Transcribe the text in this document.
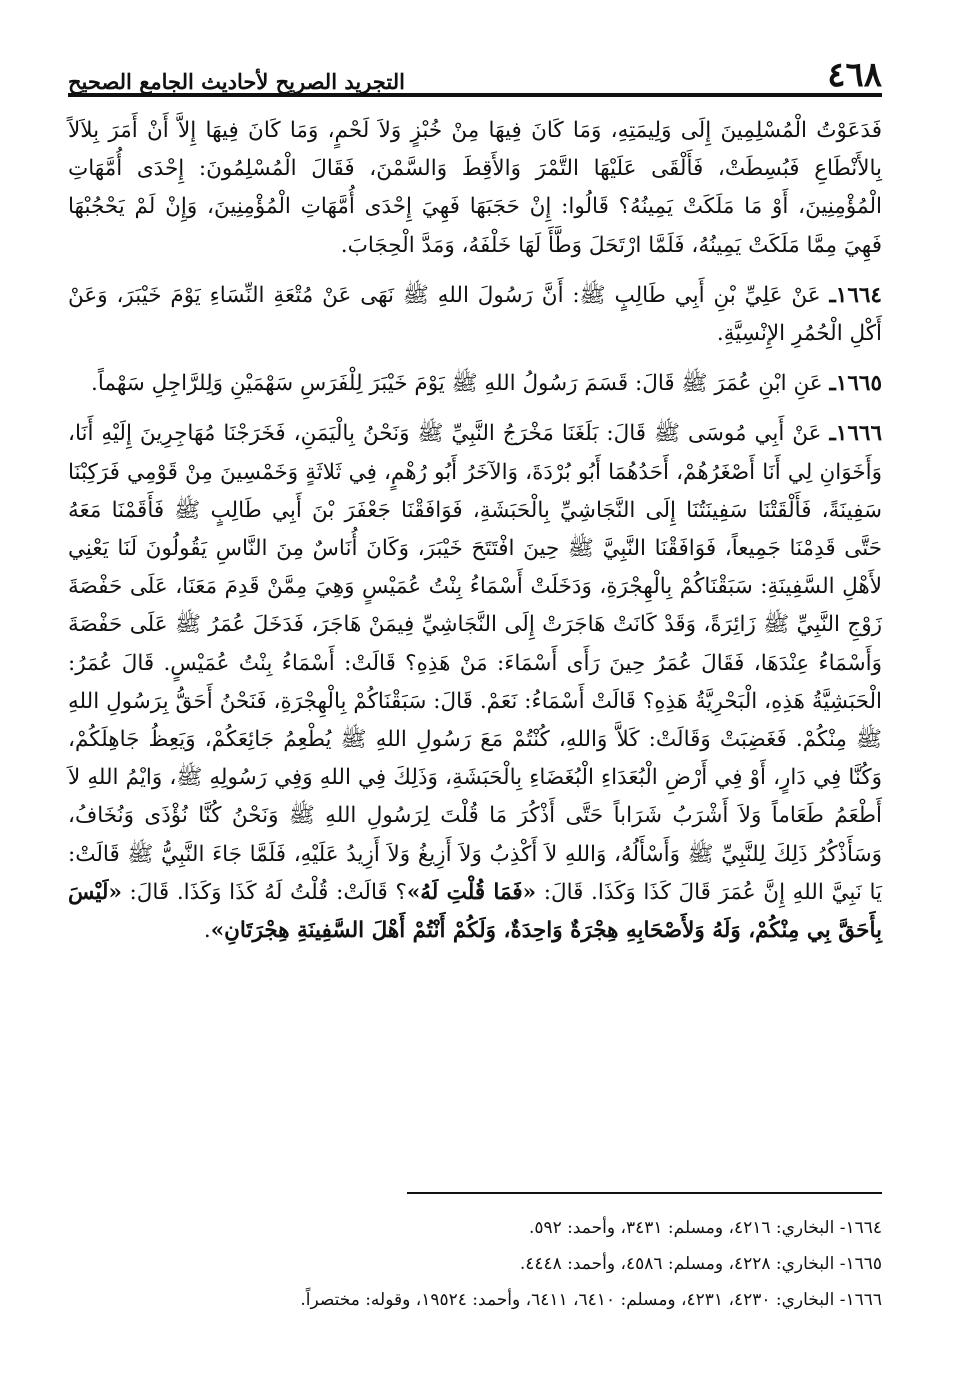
٤٦٨
التجريد الصريح لأحاديث الجامع الصحيح

فَدَعَوْتُ الْمُسْلِمِينَ إِلَى وَلِيمَتِهِ، وَمَا كَانَ فِيهَا مِنْ خُبْزٍ وَلاَ لَحْمٍ، وَمَا كَانَ فِيهَا إِلاَّ أَنْ أَمَرَ بِلاَلاً بِالأَنْطَاعِ فَبُسِطَتْ، فَأَلْقَى عَلَيْهَا التَّمْرَ وَالأَقِطَ وَالسَّمْنَ، فَقَالَ الْمُسْلِمُونَ: إِحْدَى أُمَّهَاتِ الْمُؤْمِنِينَ، أَوْ مَا مَلَكَتْ يَمِينُهُ؟ قَالُوا: إِنْ حَجَبَهَا فَهِيَ إِحْدَى أُمَّهَاتِ الْمُؤْمِنِينَ، وَإِنْ لَمْ يَحْجُبْهَا فَهِيَ مِمَّا مَلَكَتْ يَمِينُهُ، فَلَمَّا ارْتَحَلَ وَطَّأَ لَهَا خَلْفَهُ، وَمَدَّ الْحِجَابَ.

١٦٦٤ـ عَنْ عَلِيِّ بْنِ أَبِي طَالِبٍ ﷺ: أَنَّ رَسُولَ اللهِ ﷺ نَهَى عَنْ مُتْعَةِ النِّسَاءِ يَوْمَ خَيْبَرَ، وَعَنْ أَكْلِ الْحُمُرِ الإِنْسِيَّةِ.

١٦٦٥ـ عَنِ ابْنِ عُمَرَ ﷺ قَالَ: قَسَمَ رَسُولُ اللهِ ﷺ يَوْمَ خَيْبَرَ لِلْفَرَسِ سَهْمَيْنِ وَلِلرَّاجِلِ سَهْماً.

١٦٦٦ـ عَنْ أَبِي مُوسَى ﷺ قَالَ: بَلَغَنَا مَخْرَجُ النَّبِيِّ ﷺ وَنَحْنُ بِالْيَمَنِ، فَخَرَجْنَا مُهَاجِرِينَ إِلَيْهِ أَنَا، وَأَخَوَانِ لِي أَنَا أَصْغَرُهُمْ، أَحَدُهُمَا أَبُو بُرْدَةَ، وَالآخَرُ أَبُو رُهْمٍ، فِي ثَلاثَةٍ وَخَمْسِينَ مِنْ قَوْمِي فَرَكِبْنَا سَفِينَةً، فَأَلْقَتْنَا سَفِينَتُنَا إِلَى النَّجَاشِيِّ بِالْحَبَشَةِ، فَوَافَقْنَا جَعْفَرَ بْنَ أَبِي طَالِبٍ ﷺ فَأَقَمْنَا مَعَهُ حَتَّى قَدِمْنَا جَمِيعاً، فَوَافَقْنَا النَّبِيَّ ﷺ حِينَ افْتَتَحَ خَيْبَرَ، وَكَانَ أُنَاسٌ مِنَ النَّاسِ يَقُولُونَ لَنَا يَعْنِي لأَهْلِ السَّفِينَةِ: سَبَقْنَاكُمْ بِالْهِجْرَةِ، وَدَخَلَتْ أَسْمَاءُ بِنْتُ عُمَيْسٍ وَهِيَ مِمَّنْ قَدِمَ مَعَنَا، عَلَى حَفْصَةَ زَوْجِ النَّبِيِّ ﷺ زَائِرَةً، وَقَدْ كَانَتْ هَاجَرَتْ إِلَى النَّجَاشِيِّ فِيمَنْ هَاجَرَ، فَدَخَلَ عُمَرُ ﷺ عَلَى حَفْصَةَ وَأَسْمَاءُ عِنْدَهَا، فَقَالَ عُمَرُ حِينَ رَأَى أَسْمَاءَ: مَنْ هَذِهِ؟ قَالَتْ: أَسْمَاءُ بِنْتُ عُمَيْسٍ. قَالَ عُمَرُ: الْحَبَشِيَّةُ هَذِهِ، الْبَحْرِيَّةُ هَذِهِ؟ قَالَتْ أَسْمَاءُ: نَعَمْ. قَالَ: سَبَقْنَاكُمْ بِالْهِجْرَةِ، فَنَحْنُ أَحَقُّ بِرَسُولِ اللهِ ﷺ مِنْكُمْ. فَغَضِبَتْ وَقَالَتْ: كَلاَّ وَاللهِ، كُنْتُمْ مَعَ رَسُولِ اللهِ ﷺ يُطْعِمُ جَائِعَكُمْ، وَيَعِظُ جَاهِلَكُمْ، وَكُنَّا فِي دَارٍ، أَوْ فِي أَرْضِ الْبُعَدَاءِ الْبُغَضَاءِ بِالْحَبَشَةِ، وَذَلِكَ فِي اللهِ وَفِي رَسُولِهِ ﷺ، وَايْمُ اللهِ لاَ أَطْعَمُ طَعَاماً وَلاَ أَشْرَبُ شَرَاباً حَتَّى أَذْكُرَ مَا قُلْتَ لِرَسُولِ اللهِ ﷺ وَنَحْنُ كُنَّا نُؤْذَى وَنُخَافُ، وَسَأَذْكُرُ ذَلِكَ لِلنَّبِيِّ ﷺ وَأَسْأَلُهُ، وَاللهِ لاَ أَكْذِبُ وَلاَ أَزِيغُ وَلاَ أَزِيدُ عَلَيْهِ، فَلَمَّا جَاءَ النَّبِيُّ ﷺ قَالَتْ: يَا نَبِيَّ اللهِ إِنَّ عُمَرَ قَالَ كَذَا وَكَذَا. قَالَ: «فَمَا قُلْتِ لَهُ»؟ قَالَتْ: قُلْتُ لَهُ كَذَا وَكَذَا. قَالَ: «لَيْسَ بِأَحَقَّ بِي مِنْكُمْ، وَلَهُ وَلأَصْحَابِهِ هِجْرَةٌ وَاحِدَةٌ، وَلَكُمْ أَنْتُمْ أَهْلَ السَّفِينَةِ هِجْرَتَانِ».

١٦٦٤- البخاري: ٤٢١٦، ومسلم: ٣٤٣١، وأحمد: ٥٩٢.

١٦٦٥- البخاري: ٤٢٢٨، ومسلم: ٤٥٨٦، وأحمد: ٤٤٤٨.

١٦٦٦- البخاري: ٤٢٣٠، ٤٢٣١، ومسلم: ٦٤١٠، ٦٤١١، وأحمد: ١٩٥٢٤، وقوله: مختصراً.
